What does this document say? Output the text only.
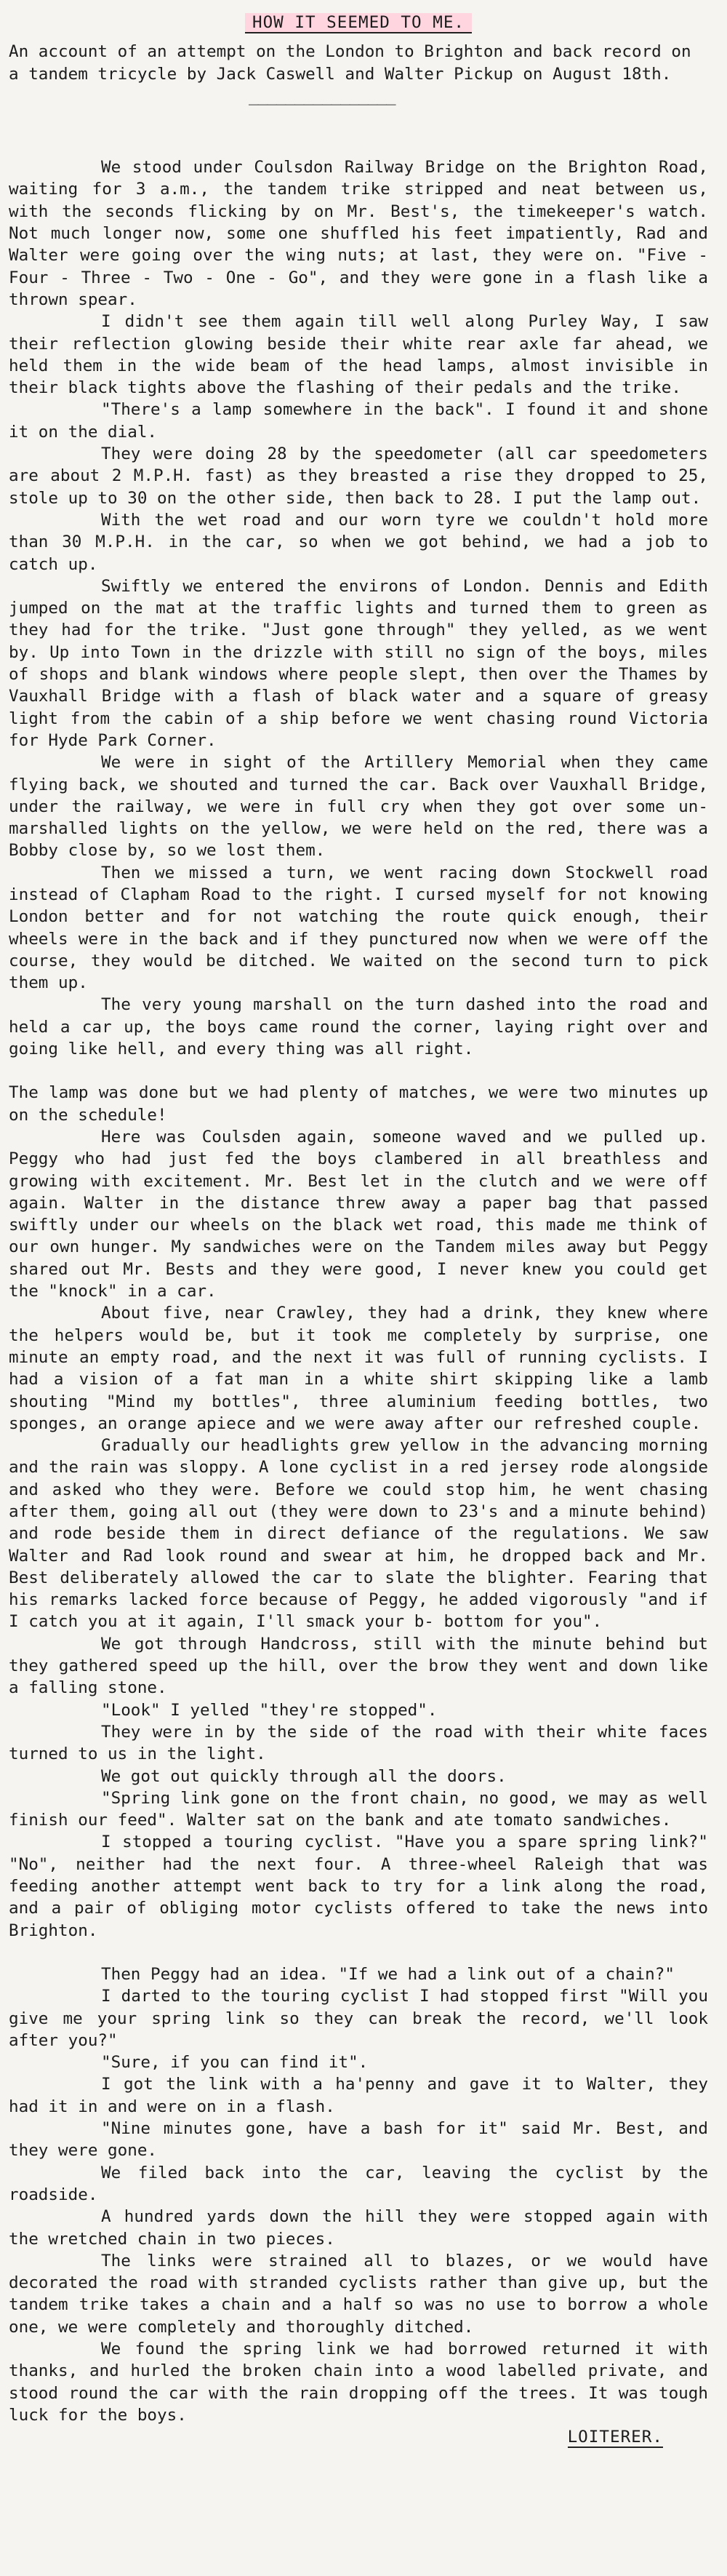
HOW IT SEEMED TO ME.
An account of an attempt on the London to Brighton and back record on a tandem tricycle by Jack Caswell and Walter Pickup on August 18th.
________________

We stood under Coulsdon Railway Bridge on the Brighton Road, waiting for 3 a.m., the tandem trike stripped and neat between us, with the seconds flicking by on Mr. Best's, the timekeeper's watch. Not much longer now, some one shuffled his feet impatiently, Rad and Walter were going over the wing nuts; at last, they were on. "Five - Four - Three - Two - One - Go", and they were gone in a flash like a thrown spear.

I didn't see them again till well along Purley Way, I saw their reflection glowing beside their white rear axle far ahead, we held them in the wide beam of the head lamps, almost invisible in their black tights above the flashing of their pedals and the trike.

"There's a lamp somewhere in the back". I found it and shone it on the dial.

They were doing 28 by the speedometer (all car speedometers are about 2 M.P.H. fast) as they breasted a rise they dropped to 25, stole up to 30 on the other side, then back to 28. I put the lamp out.

With the wet road and our worn tyre we couldn't hold more than 30 M.P.H. in the car, so when we got behind, we had a job to catch up.

Swiftly we entered the environs of London. Dennis and Edith jumped on the mat at the traffic lights and turned them to green as they had for the trike. "Just gone through" they yelled, as we went by. Up into Town in the drizzle with still no sign of the boys, miles of shops and blank windows where people slept, then over the Thames by Vauxhall Bridge with a flash of black water and a square of greasy light from the cabin of a ship before we went chasing round Victoria for Hyde Park Corner.

We were in sight of the Artillery Memorial when they came flying back, we shouted and turned the car. Back over Vauxhall Bridge, under the railway, we were in full cry when they got over some un-marshalled lights on the yellow, we were held on the red, there was a Bobby close by, so we lost them.

Then we missed a turn, we went racing down Stockwell road instead of Clapham Road to the right. I cursed myself for not knowing London better and for not watching the route quick enough, their wheels were in the back and if they punctured now when we were off the course, they would be ditched. We waited on the second turn to pick them up.

The very young marshall on the turn dashed into the road and held a car up, the boys came round the corner, laying right over and going like hell, and every thing was all right.

The lamp was done but we had plenty of matches, we were two minutes up on the schedule!

Here was Coulsden again, someone waved and we pulled up. Peggy who had just fed the boys clambered in all breathless and growing with excitement. Mr. Best let in the clutch and we were off again. Walter in the distance threw away a paper bag that passed swiftly under our wheels on the black wet road, this made me think of our own hunger. My sandwiches were on the Tandem miles away but Peggy shared out Mr. Bests and they were good, I never knew you could get the "knock" in a car.

About five, near Crawley, they had a drink, they knew where the helpers would be, but it took me completely by surprise, one minute an empty road, and the next it was full of running cyclists. I had a vision of a fat man in a white shirt skipping like a lamb shouting "Mind my bottles", three aluminium feeding bottles, two sponges, an orange apiece and we were away after our refreshed couple.

Gradually our headlights grew yellow in the advancing morning and the rain was sloppy. A lone cyclist in a red jersey rode alongside and asked who they were. Before we could stop him, he went chasing after them, going all out (they were down to 23's and a minute behind) and rode beside them in direct defiance of the regulations. We saw Walter and Rad look round and swear at him, he dropped back and Mr. Best deliberately allowed the car to slate the blighter. Fearing that his remarks lacked force because of Peggy, he added vigorously "and if I catch you at it again, I'll smack your b- bottom for you".

We got through Handcross, still with the minute behind but they gathered speed up the hill, over the brow they went and down like a falling stone.

"Look" I yelled "they're stopped".

They were in by the side of the road with their white faces turned to us in the light.

We got out quickly through all the doors.

"Spring link gone on the front chain, no good, we may as well finish our feed". Walter sat on the bank and ate tomato sandwiches.

I stopped a touring cyclist. "Have you a spare spring link?" "No", neither had the next four. A three-wheel Raleigh that was feeding another attempt went back to try for a link along the road, and a pair of obliging motor cyclists offered to take the news into Brighton.

Then Peggy had an idea. "If we had a link out of a chain?"

I darted to the touring cyclist I had stopped first "Will you give me your spring link so they can break the record, we'll look after you?"

"Sure, if you can find it".

I got the link with a ha'penny and gave it to Walter, they had it in and were on in a flash.

"Nine minutes gone, have a bash for it" said Mr. Best, and they were gone.

We filed back into the car, leaving the cyclist by the roadside.

A hundred yards down the hill they were stopped again with the wretched chain in two pieces.

The links were strained all to blazes, or we would have decorated the road with stranded cyclists rather than give up, but the tandem trike takes a chain and a half so was no use to borrow a whole one, we were completely and thoroughly ditched.

We found the spring link we had borrowed returned it with thanks, and hurled the broken chain into a wood labelled private, and stood round the car with the rain dropping off the trees. It was tough luck for the boys.

LOITERER.
